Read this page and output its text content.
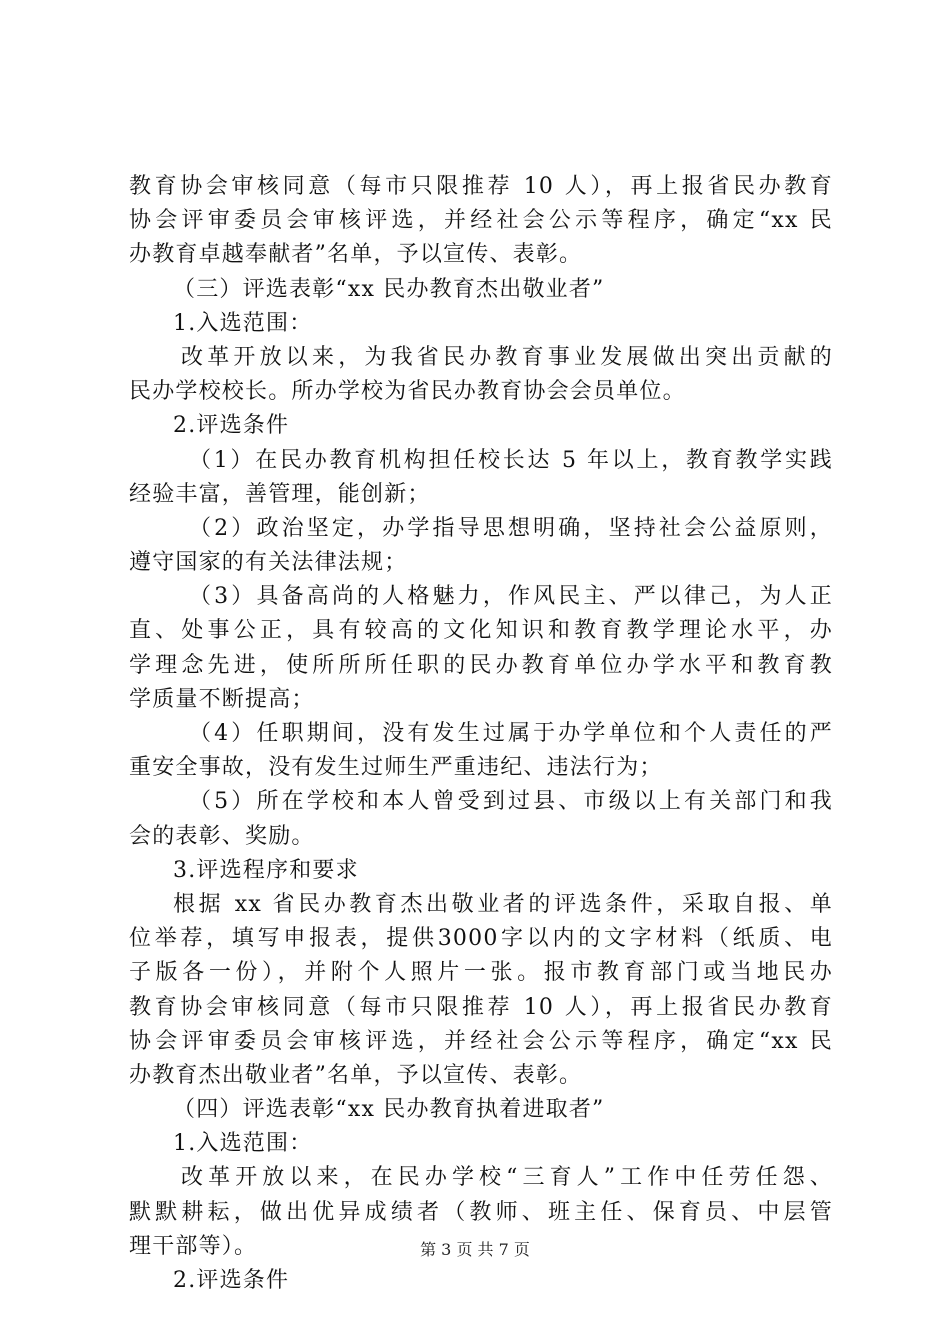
教育协会审核同意（每市只限推荐 10 人），再上报省民办教育
协会评审委员会审核评选，并经社会公示等程序，确定“xx 民
办教育卓越奉献者”名单，予以宣传、表彰。
（三）评选表彰“xx 民办教育杰出敬业者”
1.入选范围：
改革开放以来，为我省民办教育事业发展做出突出贡献的
民办学校校长。所办学校为省民办教育协会会员单位。
2.评选条件
（1）在民办教育机构担任校长达 5 年以上，教育教学实践
经验丰富，善管理，能创新；
（2）政治坚定，办学指导思想明确，坚持社会公益原则，
遵守国家的有关法律法规；
（3）具备高尚的人格魅力，作风民主、严以律己，为人正
直、处事公正，具有较高的文化知识和教育教学理论水平，办
学理念先进，使所所所任职的民办教育单位办学水平和教育教
学质量不断提高；
（4）任职期间，没有发生过属于办学单位和个人责任的严
重安全事故，没有发生过师生严重违纪、违法行为；
（5）所在学校和本人曾受到过县、市级以上有关部门和我
会的表彰、奖励。
3.评选程序和要求
根据 xx 省民办教育杰出敬业者的评选条件，采取自报、单
位举荐，填写申报表，提供3000字以内的文字材料（纸质、电
子版各一份），并附个人照片一张。报市教育部门或当地民办
教育协会审核同意（每市只限推荐 10 人），再上报省民办教育
协会评审委员会审核评选，并经社会公示等程序，确定“xx 民
办教育杰出敬业者”名单，予以宣传、表彰。
（四）评选表彰“xx 民办教育执着进取者”
1.入选范围：
改革开放以来，在民办学校“三育人”工作中任劳任怨、
默默耕耘，做出优异成绩者（教师、班主任、保育员、中层管
理干部等）。
2.评选条件
第 3 页 共 7 页
